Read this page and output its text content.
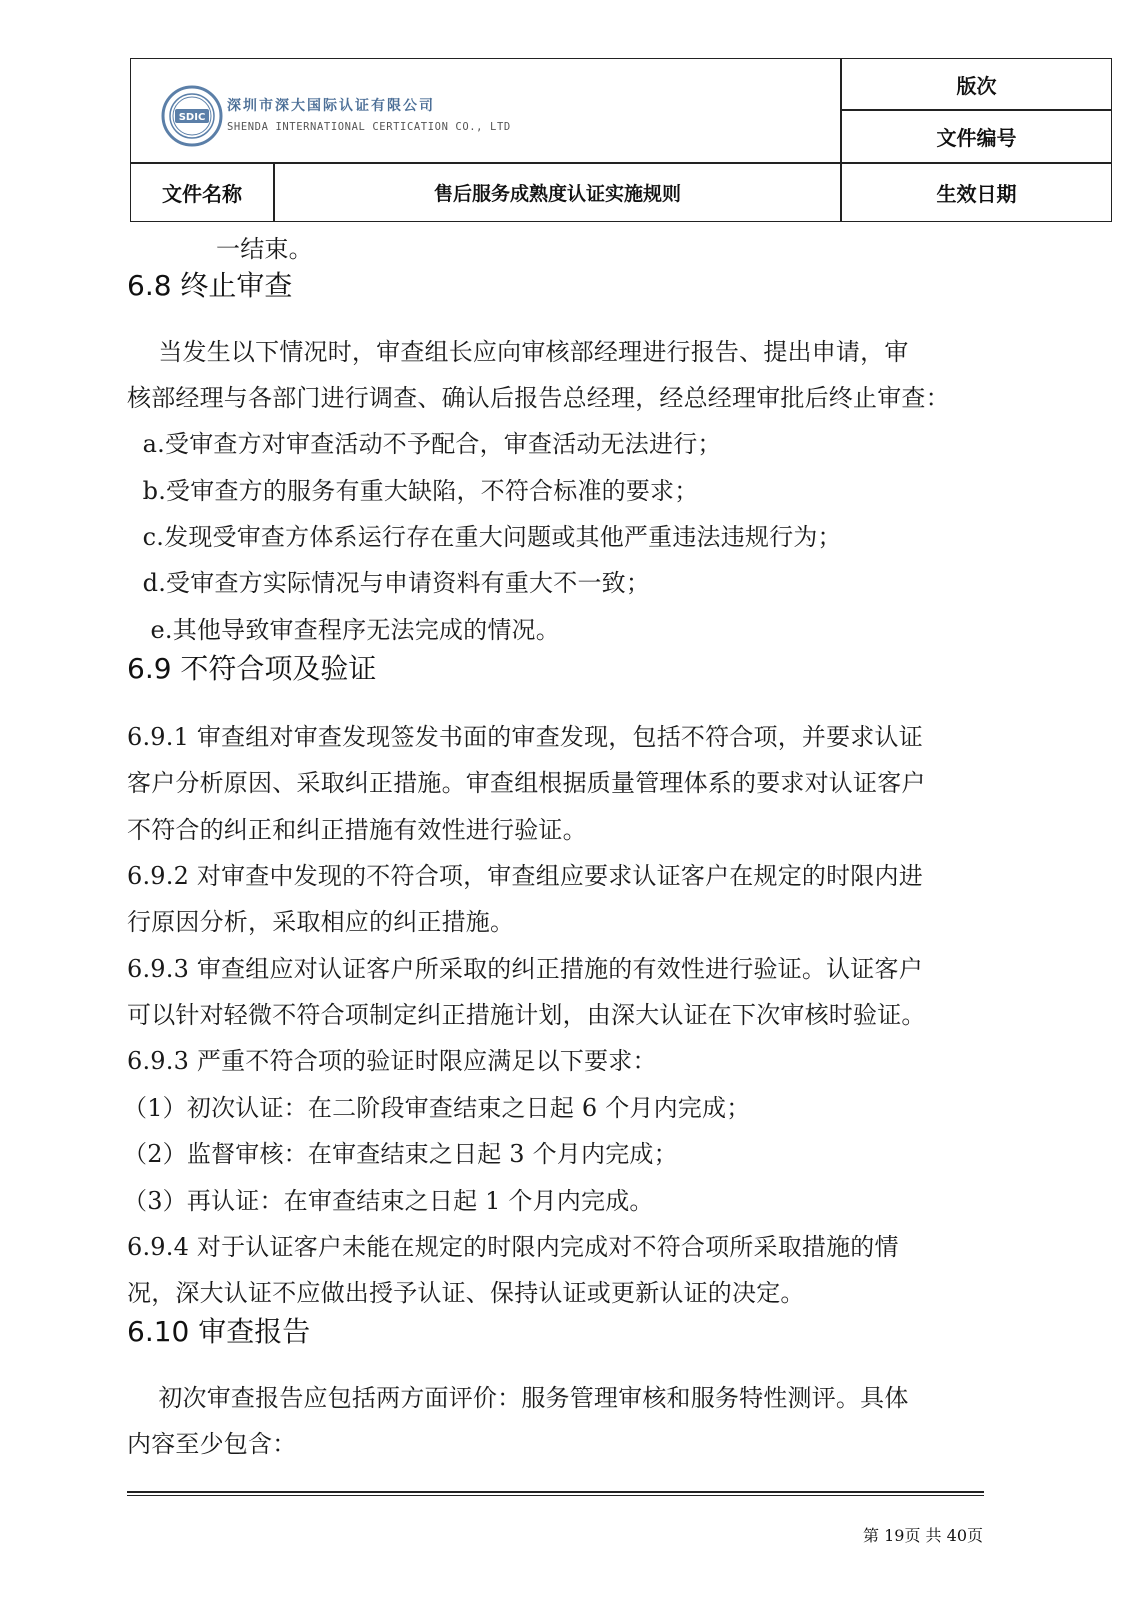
SDIC
深圳市深大国际认证有限公司
SHENDA INTERNATIONAL CERTICATION CO., LTD
版次
文件编号
文件名称	售后服务成熟度认证实施规则	生效日期
一结束。
6.8 终止审查
当发生以下情况时，审查组长应向审核部经理进行报告、提出申请，审
核部经理与各部门进行调查、确认后报告总经理，经总经理审批后终止审查：
a.受审查方对审查活动不予配合，审查活动无法进行；
b.受审查方的服务有重大缺陷，不符合标准的要求；
c.发现受审查方体系运行存在重大问题或其他严重违法违规行为；
d.受审查方实际情况与申请资料有重大不一致；
e.其他导致审查程序无法完成的情况。
6.9 不符合项及验证
6.9.1 审查组对审查发现签发书面的审查发现，包括不符合项，并要求认证
客户分析原因、采取纠正措施。审查组根据质量管理体系的要求对认证客户
不符合的纠正和纠正措施有效性进行验证。
6.9.2 对审查中发现的不符合项，审查组应要求认证客户在规定的时限内进
行原因分析，采取相应的纠正措施。
6.9.3 审查组应对认证客户所采取的纠正措施的有效性进行验证。认证客户
可以针对轻微不符合项制定纠正措施计划，由深大认证在下次审核时验证。
6.9.3 严重不符合项的验证时限应满足以下要求：
（1）初次认证：在二阶段审查结束之日起 6 个月内完成；
（2）监督审核：在审查结束之日起 3 个月内完成；
（3）再认证：在审查结束之日起 1 个月内完成。
6.9.4 对于认证客户未能在规定的时限内完成对不符合项所采取措施的情
况，深大认证不应做出授予认证、保持认证或更新认证的决定。
6.10 审查报告
初次审查报告应包括两方面评价：服务管理审核和服务特性测评。具体
内容至少包含：
第 19页 共 40页
